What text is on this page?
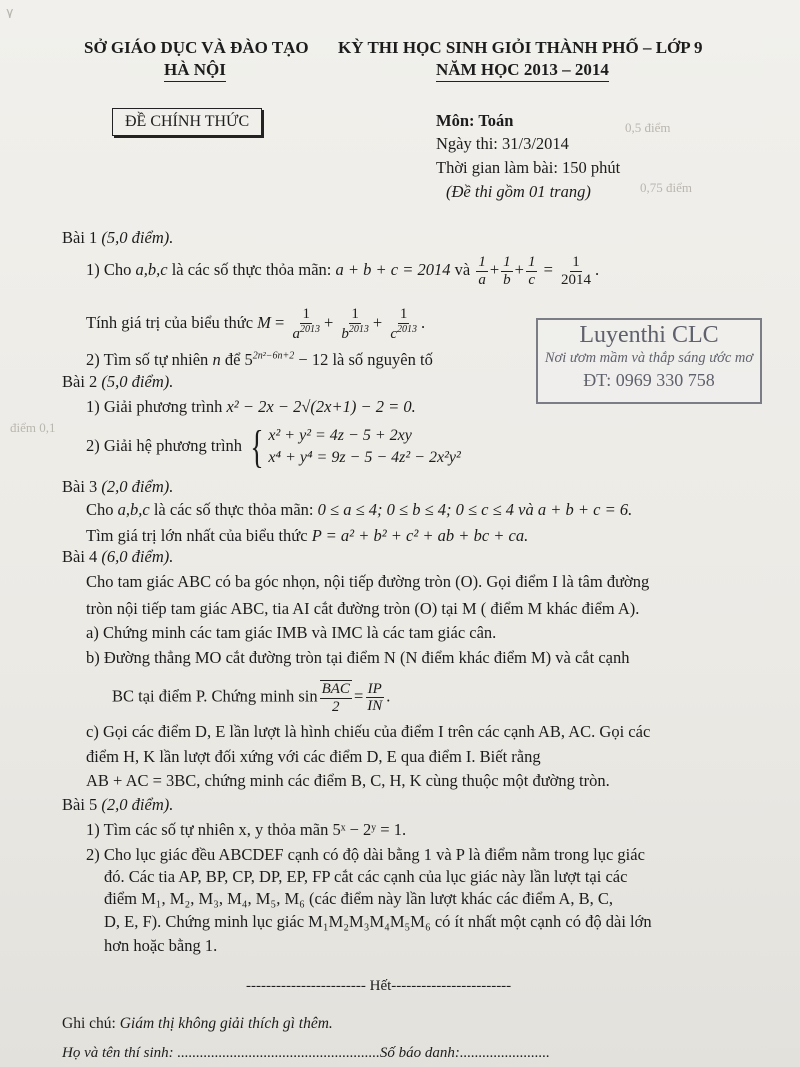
٧
0,5 điểm
0,75 điểm
điểm 0,1
SỞ GIÁO DỤC VÀ ĐÀO TẠO
HÀ NỘI
KỲ THI HỌC SINH GIỎI THÀNH PHỐ – LỚP 9
NĂM HỌC 2013 – 2014
ĐỀ CHÍNH THỨC	Môn: Toán
Ngày thi: 31/3/2014
Thời gian làm bài: 150 phút
(Đề thi gồm 01 trang)
Bài 1 (5,0 điểm).
1) Cho a,b,c là các số thực thỏa mãn: a + b + c = 2014 và $\frac{1}{a} + \frac{1}{b} + \frac{1}{c} = \frac{1}{2014}$ .
Tính giá trị của biểu thức $M = \frac{1}{a^{2013}} + \frac{1}{b^{2013}} + \frac{1}{c^{2013}}$ .
2) Tìm số tự nhiên n để $5^{2n^2-6n+2} - 12$ là số nguyên tố
Luyenthi CLC
Nơi ươm mầm và thắp sáng ước mơ
ĐT: 0969 330 758
Bài 2 (5,0 điểm).
1) Giải phương trình x² − 2x − 2√(2x+1) − 2 = 0.
2) Giải hệ phương trình { x² + y² = 4z − 5 + 2xy
x⁴ + y⁴ = 9z − 5 − 4z² − 2x²y²
Bài 3 (2,0 điểm).
Cho a,b,c là các số thực thỏa mãn: 0 ≤ a ≤ 4; 0 ≤ b ≤ 4; 0 ≤ c ≤ 4 và a + b + c = 6.
Tìm giá trị lớn nhất của biểu thức P = a² + b² + c² + ab + bc + ca.
Bài 4 (6,0 điểm).
Cho tam giác ABC có ba góc nhọn, nội tiếp đường tròn (O). Gọi điểm I là tâm đường
tròn nội tiếp tam giác ABC, tia AI cắt đường tròn (O) tại M ( điểm M khác điểm A).
a) Chứng minh các tam giác IMB và IMC là các tam giác cân.
b) Đường thẳng MO cắt đường tròn tại điểm N (N điểm khác điểm M) và cắt cạnh
BC tại điểm P. Chứng minh $\sin \frac{\text{BAC}}{2} = \frac{IP}{IN}$ .
c) Gọi các điểm D, E lần lượt là hình chiếu của điểm I trên các cạnh AB, AC. Gọi các
điểm H, K lần lượt đối xứng với các điểm D, E qua điểm I. Biết rằng
AB + AC = 3BC, chứng minh các điểm B, C, H, K cùng thuộc một đường tròn.
Bài 5 (2,0 điểm).
1) Tìm các số tự nhiên x, y thỏa mãn 5ˣ − 2ʸ = 1.
2) Cho lục giác đều ABCDEF cạnh có độ dài bằng 1 và P là điểm nằm trong lục giác
đó. Các tia AP, BP, CP, DP, EP, FP cắt các cạnh của lục giác này lần lượt tại các
điểm M₁, M₂, M₃, M₄, M₅, M₆ (các điểm này lần lượt khác các điểm A, B, C,
D, E, F). Chứng minh lục giác M₁M₂M₃M₄M₅M₆ có ít nhất một cạnh có độ dài lớn
hơn hoặc bằng 1.
------------------------ Hết------------------------
Ghi chú: Giám thị không giải thích gì thêm.
Họ và tên thí sinh: ......................................................Số báo danh:........................
